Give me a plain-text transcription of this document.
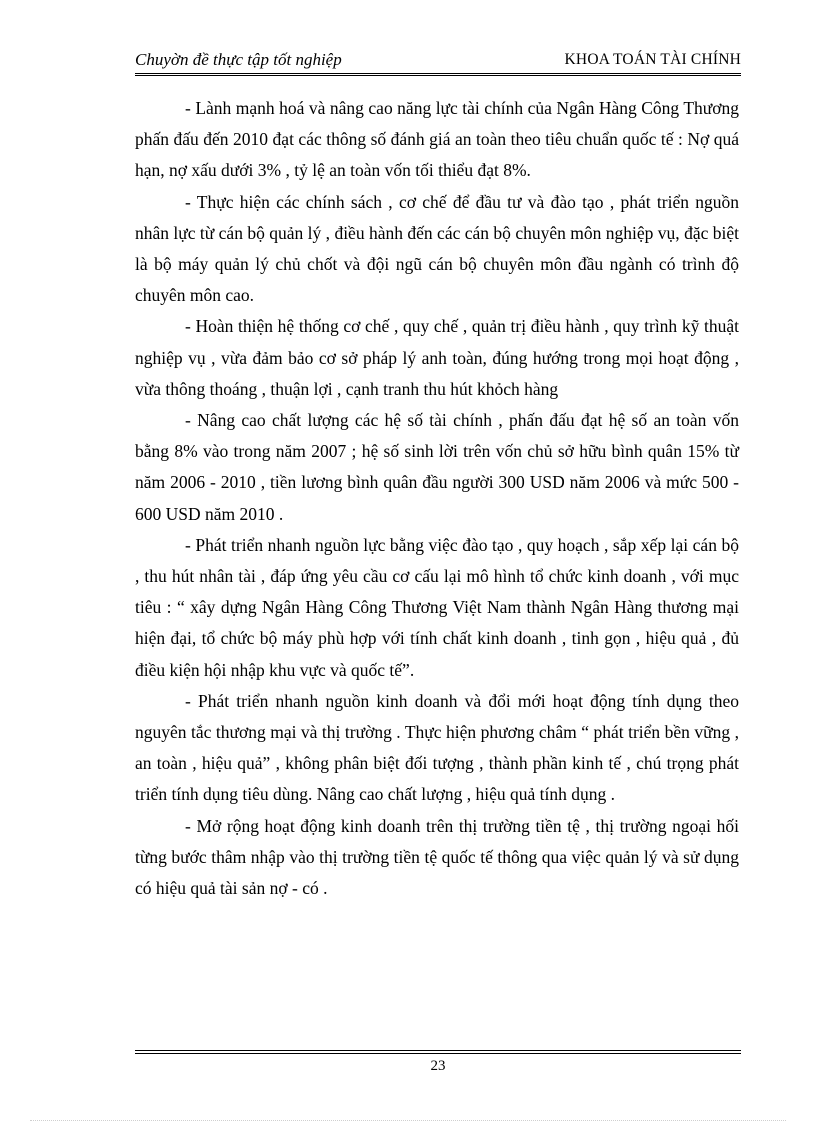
Chuyờn đề thực tập tốt nghiệp	KHOA TOÁN TÀI CHÍNH

- Lành mạnh hoá và nâng cao năng lực tài chính của Ngân Hàng Công Thương phấn đấu đến 2010 đạt các thông số đánh giá an toàn theo tiêu chuẩn quốc tế : Nợ quá hạn, nợ xấu dưới 3% , tỷ lệ an toàn vốn tối thiểu đạt 8%.

- Thực hiện các chính sách , cơ chế để đầu tư và đào tạo , phát triển nguồn nhân lực từ cán bộ quản lý , điều hành đến các cán bộ chuyên môn nghiệp vụ, đặc biệt là bộ máy quản lý chủ chốt và đội ngũ cán bộ chuyên môn đầu ngành có trình độ chuyên môn cao.

- Hoàn thiện hệ thống cơ chế , quy chế , quản trị điều hành , quy trình kỹ thuật nghiệp vụ , vừa đảm bảo cơ sở pháp lý anh toàn, đúng hướng trong mọi hoạt động , vừa thông thoáng , thuận lợi , cạnh tranh thu hút khỏch hàng

- Nâng cao chất lượng các hệ số tài chính , phấn đấu đạt hệ số an toàn vốn bằng 8% vào trong năm 2007 ; hệ số sinh lời trên vốn chủ sở hữu bình quân 15% từ năm 2006 - 2010 , tiền lương bình quân đầu người 300 USD năm 2006 và mức 500 - 600 USD năm 2010 .

- Phát triển nhanh nguồn lực bằng việc đào tạo , quy hoạch , sắp xếp lại cán bộ , thu hút nhân tài , đáp ứng yêu cầu cơ cấu lại mô hình tổ chức kinh doanh , với mục tiêu : “ xây dựng Ngân Hàng Công Thương Việt Nam thành Ngân Hàng thương mại hiện đại, tổ chức bộ máy phù hợp với tính chất kinh doanh , tinh gọn , hiệu quả , đủ điều kiện hội nhập khu vực và quốc tế”.

- Phát triển nhanh nguồn kinh doanh và đổi mới hoạt động tính dụng theo nguyên tắc thương mại và thị trường . Thực hiện phương châm “ phát triển bền vững , an toàn , hiệu quả” , không phân biệt đối tượng , thành phần kinh tế , chú trọng phát triển tính dụng tiêu dùng. Nâng cao chất lượng , hiệu quả tính dụng .

- Mở rộng hoạt động kinh doanh trên thị trường tiền tệ , thị trường ngoại hối từng bước thâm nhập vào thị trường tiền tệ quốc tế thông qua việc quản lý và sử dụng có hiệu quả tài sản nợ - có .

23
